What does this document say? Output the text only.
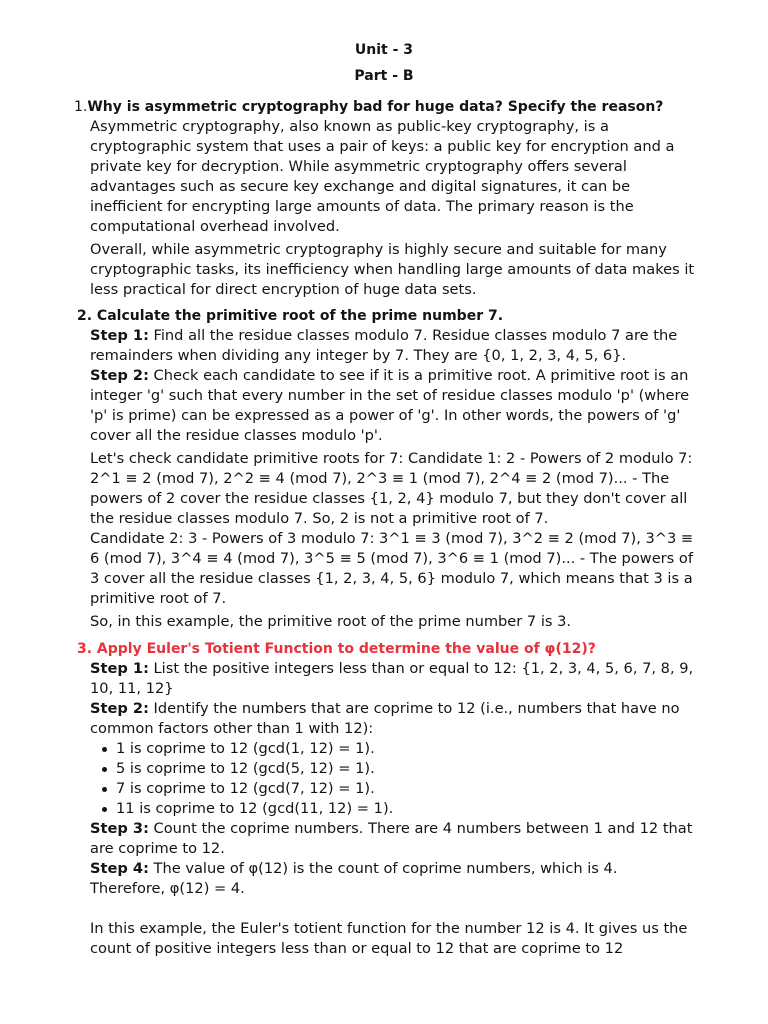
Unit - 3
Part - B
1.Why is asymmetric cryptography bad for huge data? Specify the reason?

Asymmetric cryptography, also known as public-key cryptography, is a cryptographic system that uses a pair of keys: a public key for encryption and a private key for decryption. While asymmetric cryptography offers several advantages such as secure key exchange and digital signatures, it can be inefficient for encrypting large amounts of data. The primary reason is the computational overhead involved.

Overall, while asymmetric cryptography is highly secure and suitable for many cryptographic tasks, its inefficiency when handling large amounts of data makes it less practical for direct encryption of huge data sets.

2. Calculate the primitive root of the prime number 7.

Step 1: Find all the residue classes modulo 7. Residue classes modulo 7 are the remainders when dividing any integer by 7. They are {0, 1, 2, 3, 4, 5, 6}.

Step 2: Check each candidate to see if it is a primitive root. A primitive root is an integer 'g' such that every number in the set of residue classes modulo 'p' (where 'p' is prime) can be expressed as a power of 'g'. In other words, the powers of 'g' cover all the residue classes modulo 'p'.

Let's check candidate primitive roots for 7: Candidate 1: 2 - Powers of 2 modulo 7: 2^1 ≡ 2 (mod 7), 2^2 ≡ 4 (mod 7), 2^3 ≡ 1 (mod 7), 2^4 ≡ 2 (mod 7)... - The powers of 2 cover the residue classes {1, 2, 4} modulo 7, but they don't cover all the residue classes modulo 7. So, 2 is not a primitive root of 7.

Candidate 2: 3 - Powers of 3 modulo 7: 3^1 ≡ 3 (mod 7), 3^2 ≡ 2 (mod 7), 3^3 ≡ 6 (mod 7), 3^4 ≡ 4 (mod 7), 3^5 ≡ 5 (mod 7), 3^6 ≡ 1 (mod 7)... - The powers of 3 cover all the residue classes {1, 2, 3, 4, 5, 6} modulo 7, which means that 3 is a primitive root of 7.

So, in this example, the primitive root of the prime number 7 is 3.

3. Apply Euler's Totient Function to determine the value of φ(12)?

Step 1: List the positive integers less than or equal to 12: {1, 2, 3, 4, 5, 6, 7, 8, 9, 10, 11, 12}

Step 2: Identify the numbers that are coprime to 12 (i.e., numbers that have no common factors other than 1 with 12):

1 is coprime to 12 (gcd(1, 12) = 1).
5 is coprime to 12 (gcd(5, 12) = 1).
7 is coprime to 12 (gcd(7, 12) = 1).
11 is coprime to 12 (gcd(11, 12) = 1).

Step 3: Count the coprime numbers. There are 4 numbers between 1 and 12 that are coprime to 12.

Step 4: The value of φ(12) is the count of coprime numbers, which is 4.

Therefore, φ(12) = 4.

In this example, the Euler's totient function for the number 12 is 4. It gives us the count of positive integers less than or equal to 12 that are coprime to 12
